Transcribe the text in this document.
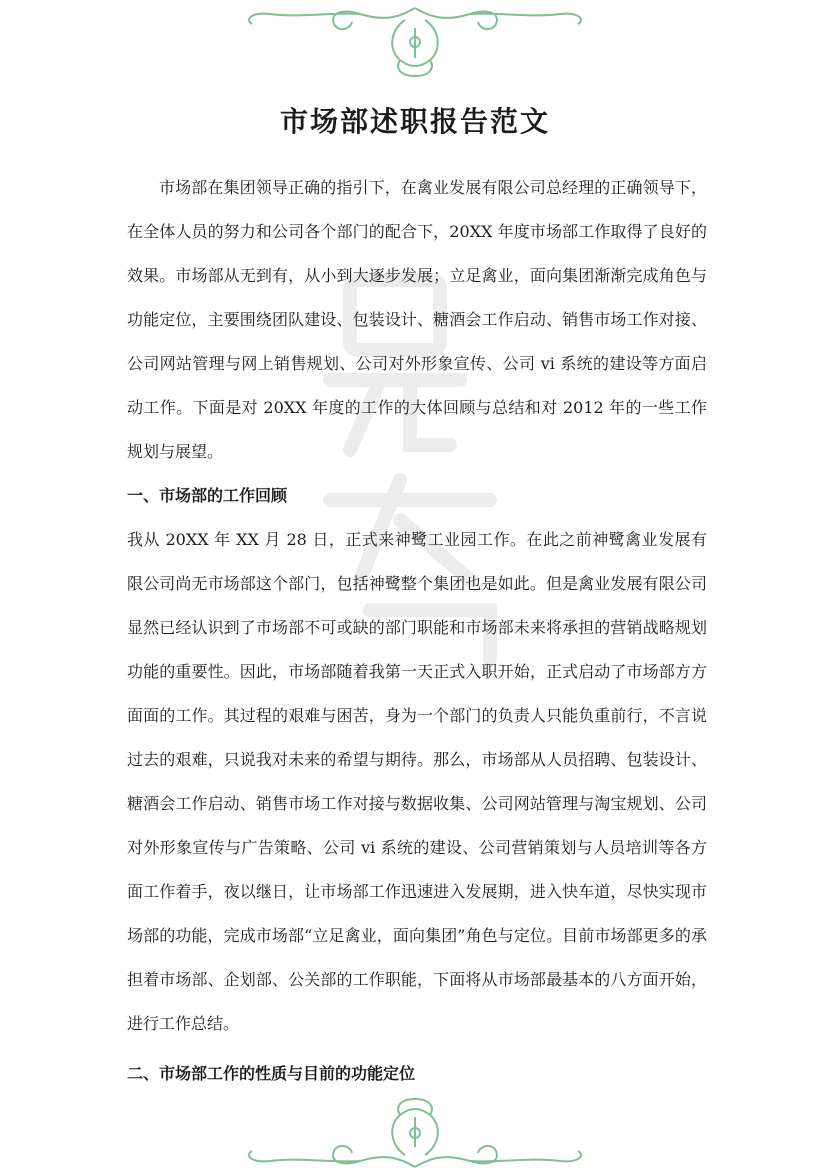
市场部述职报告范文

市场部在集团领导正确的指引下，在禽业发展有限公司总经理的正确领导下，在全体人员的努力和公司各个部门的配合下，20XX 年度市场部工作取得了良好的效果。市场部从无到有，从小到大逐步发展；立足禽业，面向集团渐渐完成角色与功能定位，主要围绕团队建设、包装设计、糖酒会工作启动、销售市场工作对接、公司网站管理与网上销售规划、公司对外形象宣传、公司 vi 系统的建设等方面启动工作。下面是对 20XX 年度的工作的大体回顾与总结和对 2012 年的一些工作规划与展望。

一、市场部的工作回顾

我从 20XX 年 XX 月 28 日，正式来神鹭工业园工作。在此之前神鹭禽业发展有限公司尚无市场部这个部门，包括神鹭整个集团也是如此。但是禽业发展有限公司显然已经认识到了市场部不可或缺的部门职能和市场部未来将承担的营销战略规划功能的重要性。因此，市场部随着我第一天正式入职开始，正式启动了市场部方方面面的工作。其过程的艰难与困苦，身为一个部门的负责人只能负重前行，不言说过去的艰难，只说我对未来的希望与期待。那么，市场部从人员招聘、包装设计、糖酒会工作启动、销售市场工作对接与数据收集、公司网站管理与淘宝规划、公司对外形象宣传与广告策略、公司 vi 系统的建设、公司营销策划与人员培训等各方面工作着手，夜以继日，让市场部工作迅速进入发展期，进入快车道，尽快实现市场部的功能，完成市场部“立足禽业，面向集团”角色与定位。目前市场部更多的承担着市场部、企划部、公关部的工作职能，下面将从市场部最基本的八方面开始，进行工作总结。

二、市场部工作的性质与目前的功能定位
